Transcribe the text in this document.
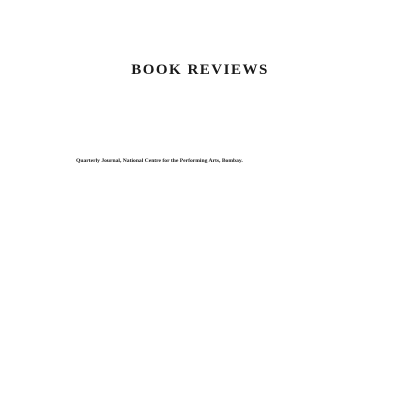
BOOK REVIEWS
Quarterly Journal, National Centre for the Performing Arts, Bombay.
